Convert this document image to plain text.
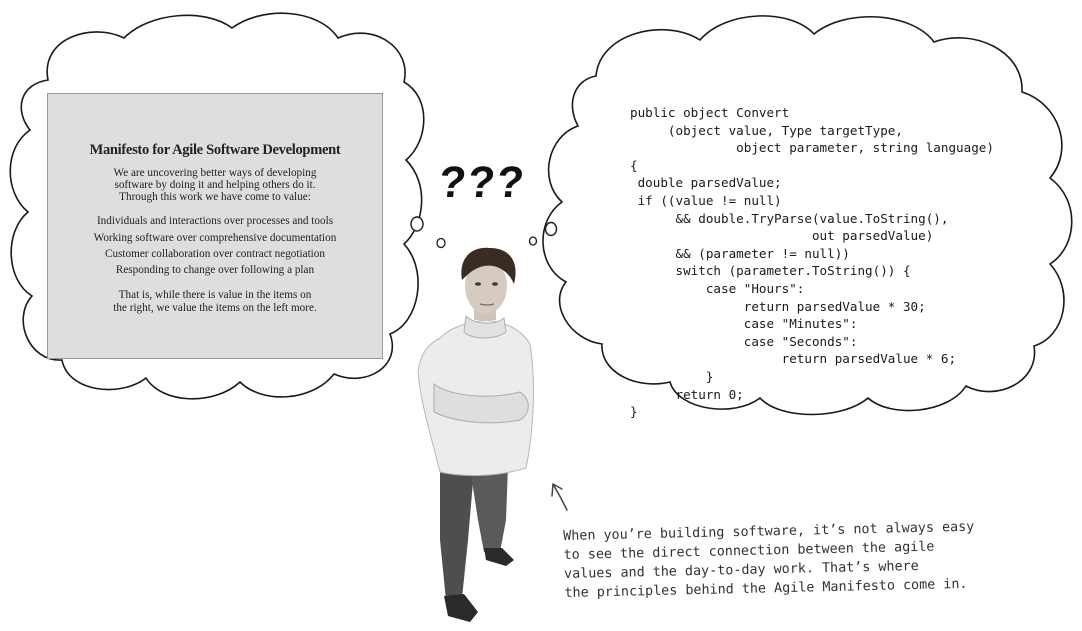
Manifesto for Agile Software Development
We are uncovering better ways of developing
software by doing it and helping others do it.
Through this work we have come to value:
Individuals and interactions over processes and tools
Working software over comprehensive documentation
Customer collaboration over contract negotiation
Responding to change over following a plan
That is, while there is value in the items on
the right, we value the items on the left more.
???
public object Convert
(object value, Type targetType,
object parameter, string language)
{
double parsedValue;
if ((value != null)
&& double.TryParse(value.ToString(),
out parsedValue)
&& (parameter != null))
switch (parameter.ToString()) {
case "Hours":
return parsedValue * 30;
case "Minutes":
case "Seconds":
return parsedValue * 6;
}
return 0;
}
When you’re building software, it’s not always easy
to see the direct connection between the agile
values and the day-to-day work. That’s where
the principles behind the Agile Manifesto come in.
